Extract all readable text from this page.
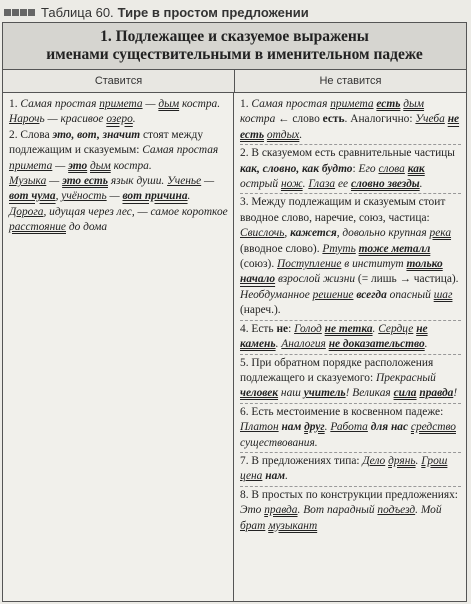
Таблица 60. Тире в простом предложении
1. Подлежащее и сказуемое выражены
именами существительными в именительном падеже
Ставится	Не ставится

1. Самая простая примета — дым костра. Нарочь — красивое озеро.

2. Слова это, вот, значит стоят между подлежащим и сказуемым: Самая простая примета — это дым костра.

Музыка — это есть язык души. Ученье — вот чума, учёность — вот причина.

Дорога, идущая через лес, — самое короткое расстояние до дома

1. Самая простая примета есть дым костра ← слово есть. Аналогично: Учеба не есть отдых.

2. В сказуемом есть сравнительные частицы как, словно, как будто: Его слова как острый нож. Глаза ее словно звезды.

3. Между подлежащим и сказуемым стоит вводное слово, наречие, союз, частица: Свислочь, кажется, довольно крупная река (вводное слово). Ртуть тоже металл (союз). Поступление в институт только начало взрослой жизни (= лишь → частица). Необдуманное решение всегда опасный шаг (нареч.).

4. Есть не: Голод не тетка. Сердце не камень. Аналогия не доказательство.

5. При обратном порядке расположения подлежащего и сказуемого: Прекрасный человек наш учитель! Великая сила правда!

6. Есть местоимение в косвенном падеже: Платон нам друг. Работа для нас средство существования.

7. В предложениях типа: Дело дрянь. Грош цена нам.

8. В простых по конструкции предложениях: Это правда. Вот парадный подъезд. Мой брат музыкант
